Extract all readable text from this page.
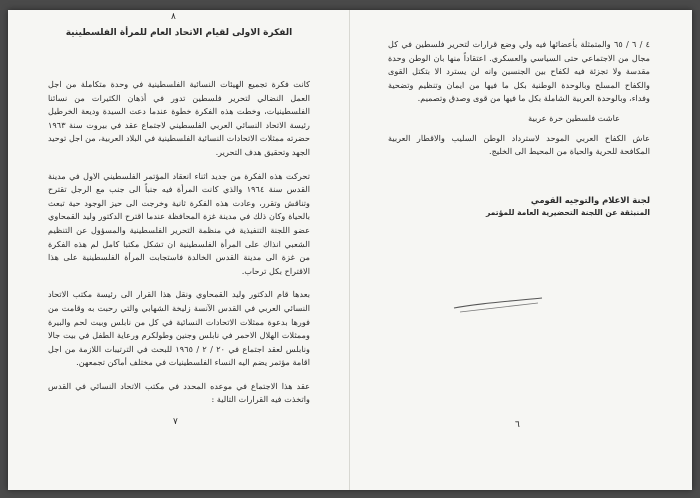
٨

الفكرة الاولى لقيام الاتحاد العام للمرأة الفلسطينية

كانت فكرة تجميع الهيئات النسائية الفلسطينية في وحدة متكاملة من اجل العمل النضالي لتحرير فلسطين تدور في أذهان الكثيرات من نسائنا الفلسطينيات، وخطت هذه الفكرة خطوة عندما دعت السيدة وديعة الخرطيل رئيسة الاتحاد النسائي العربي الفلسطيني لاجتماع عقد في بيروت سنة ١٩٦٣ حضرته ممثلات الاتحادات النسائية الفلسطينية في البلاد العربية، من اجل توحيد الجهد وتحقيق هدف التحرير.

تحركت هذه الفكرة من جديد اثناء انعقاد المؤتمر الفلسطيني الاول في مدينة القدس سنة ١٩٦٤ والذي كانت المرأة فيه جنباً الى جنب مع الرجل تقترح وتناقش وتقرر، وعادت هذه الفكرة ثانية وخرجت الى حيز الوجود حية تبعث بالحياة وكان ذلك في مدينة غزة المحافظة عندما اقترح الدكتور وليد القمحاوي عضو اللجنة التنفيذية في منظمة التحرير الفلسطينية والمسؤول عن التنظيم الشعبي انذاك على المرأة الفلسطينية ان تشكل مكتبا كامل لم هذه الفكرة من غزة الى مدينة القدس الخالدة فاستجابت المرأة الفلسطينية على هذا الاقتراح بكل ترحاب.

بعدها قام الدكتور وليد القمحاوي ونقل هذا القرار الى رئيسة مكتب الاتحاد النسائي العربي في القدس الآنسة زليخة الشهابي والتي رحبت به وقامت من فورها بدعوة ممثلات الاتحادات النسائية في كل من نابلس وبيت لحم والبيرة وممثلات الهلال الاحمر في نابلس وجنين وطولكرم ورعاية الطفل في بيت جالا ونابلس لعقد اجتماع في ٢٠ / ٢ / ١٩٦٥ للبحث في الترتيبات اللازمة من اجل اقامة مؤتمر يضم اليه النساء الفلسطينيات في مختلف أماكن تجمعهن.

عقد هذا الاجتماع في موعده المحدد في مكتب الاتحاد النسائي في القدس واتخذت فيه القرارات التالية :

٧

٤ / ٦ / ٦٥ والمتمثلة بأعضائها فيه ولي وضع قرارات لتحرير فلسطين في كل مجال من الاجتماعي حتى السياسي والعسكري. اعتقاداً منها بان الوطن وحدة مقدسة ولا تجزئة فيه لكفاح بين الجنسين وانه لن يسترد الا بتكتل القوى والكفاح المسلح وبالوحدة الوطنية بكل ما فيها من ايمان وتنظيم وتضحية وفداء، وبالوحدة العربية الشاملة بكل ما فيها من قوى وصدق وتصميم.

عاشت فلسطين حرة عربية

عاش الكفاح العربي الموحد لاسترداد الوطن السليب والاقطار العربية المكافحة للحرية والحياة من المحيط الى الخليج.

لجنة الاعلام والتوجيه القومي
المنبثقة عن اللجنة التحضيرية العامة للمؤتمر
٦
